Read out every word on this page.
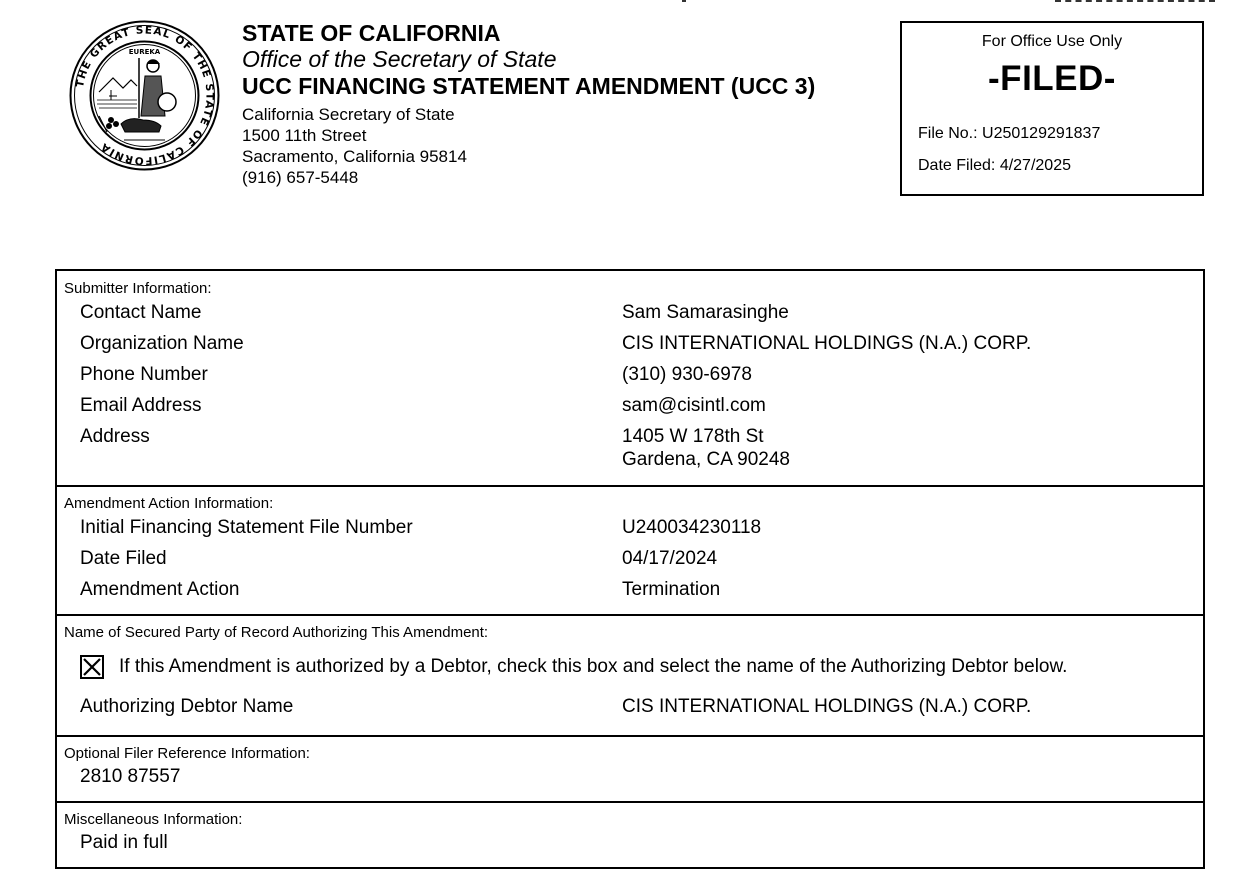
THE GREAT SEAL OF THE STATE OF CALIFORNIA
EUREKA
STATE OF CALIFORNIA
Office of the Secretary of State
UCC FINANCING STATEMENT AMENDMENT (UCC 3)
California Secretary of State
1500 11th Street
Sacramento, California 95814
(916) 657-5448
For Office Use Only
-FILED-
File No.: U250129291837
Date Filed: 4/27/2025
Submitter Information:
Contact Name	Sam Samarasinghe
Organization Name	CIS INTERNATIONAL HOLDINGS (N.A.) CORP.
Phone Number	(310) 930-6978
Email Address	sam@cisintl.com
Address	1405 W 178th St
Gardena, CA 90248
Amendment Action Information:
Initial Financing Statement File Number	U240034230118
Date Filed	04/17/2024
Amendment Action	Termination
Name of Secured Party of Record Authorizing This Amendment:
If this Amendment is authorized by a Debtor, check this box and select the name of the Authorizing Debtor below.
Authorizing Debtor Name	CIS INTERNATIONAL HOLDINGS (N.A.) CORP.
Optional Filer Reference Information:
2810 87557
Miscellaneous Information:
Paid in full
